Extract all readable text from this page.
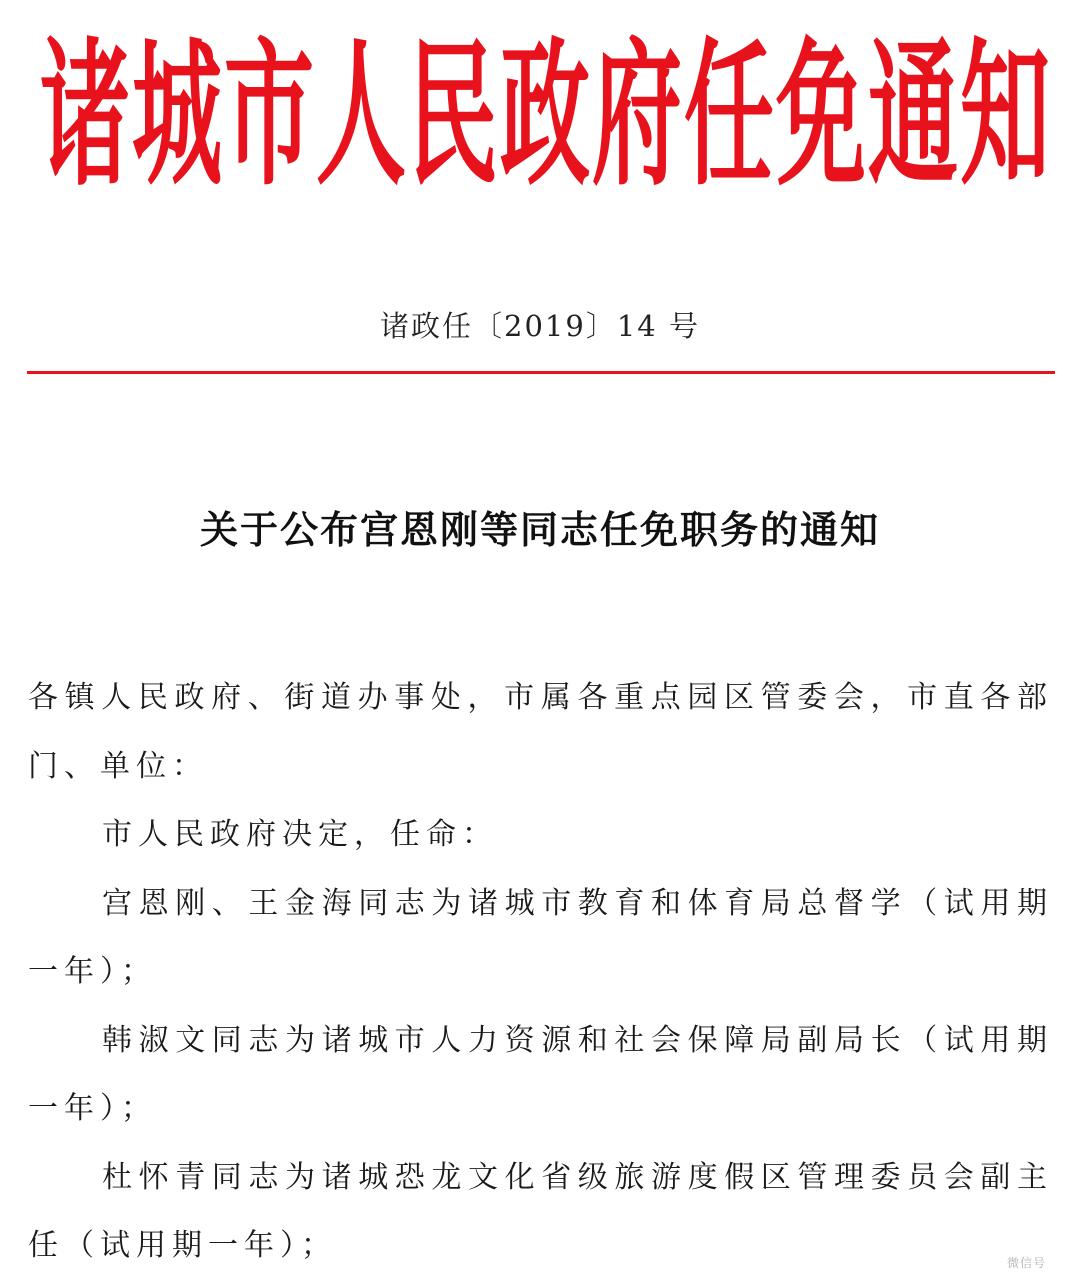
诸城市人民政府任免通知
诸政任〔2019〕14 号
关于公布宫恩刚等同志任免职务的通知

各镇人民政府、街道办事处，市属各重点园区管委会，市直各部门、单位：

市人民政府决定，任命：

宫恩刚、王金海同志为诸城市教育和体育局总督学（试用期一年）；

韩淑文同志为诸城市人力资源和社会保障局副局长（试用期一年）；

杜怀青同志为诸城恐龙文化省级旅游度假区管理委员会副主任（试用期一年）；	微信号
